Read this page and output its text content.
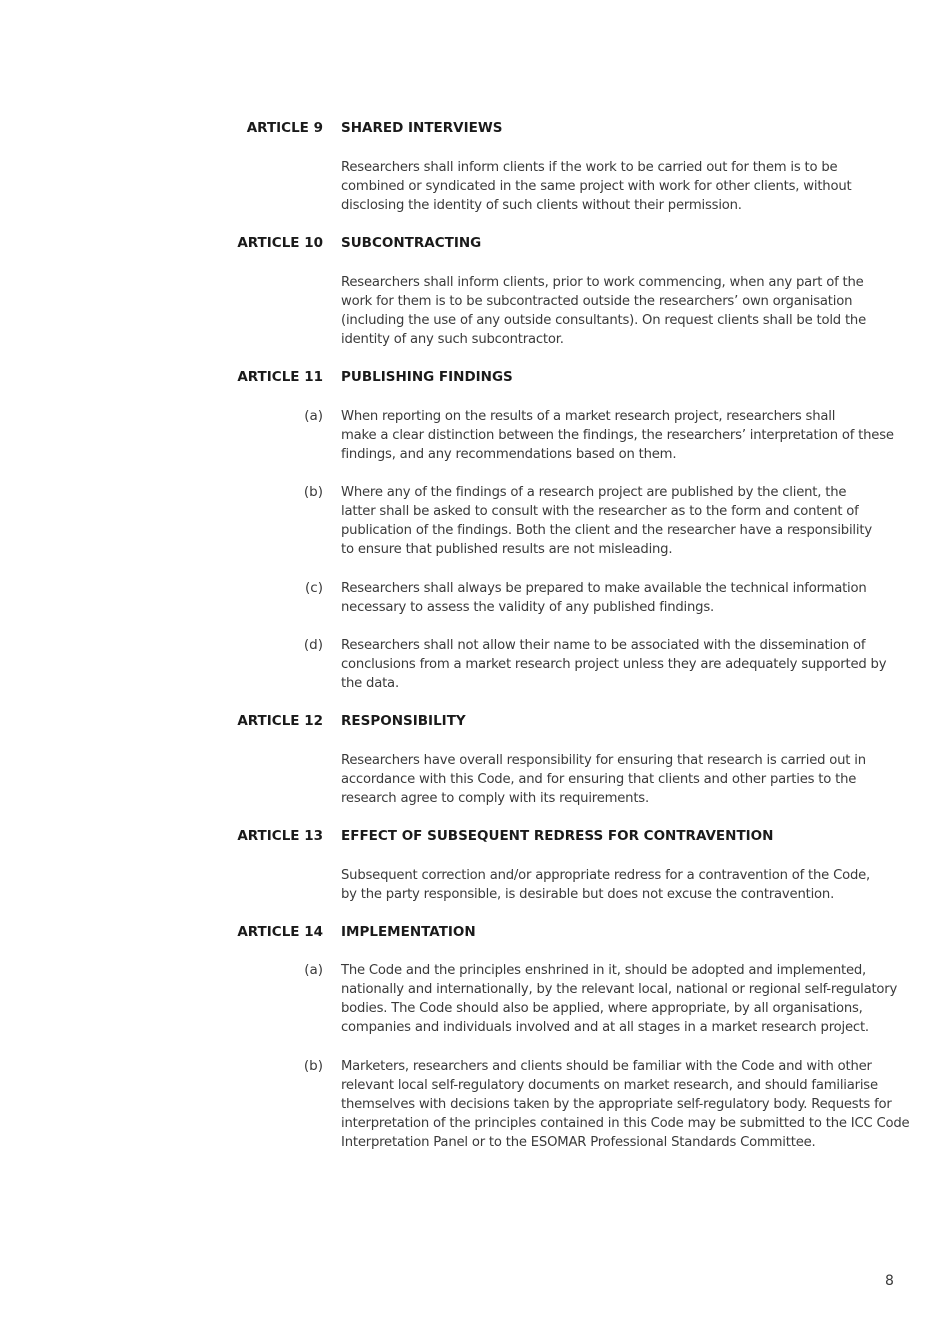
ARTICLE 9 SHARED INTERVIEWS
Researchers shall inform clients if the work to be carried out for them is to be
combined or syndicated in the same project with work for other clients, without
disclosing the identity of such clients without their permission.
ARTICLE 10 SUBCONTRACTING
Researchers shall inform clients, prior to work commencing, when any part of the
work for them is to be subcontracted outside the researchers’ own organisation
(including the use of any outside consultants). On request clients shall be told the
identity of any such subcontractor.
ARTICLE 11 PUBLISHING FINDINGS
(a) When reporting on the results of a market research project, researchers shall
make a clear distinction between the findings, the researchers’ interpretation of these
findings, and any recommendations based on them.
(b) Where any of the findings of a research project are published by the client, the
latter shall be asked to consult with the researcher as to the form and content of
publication of the findings. Both the client and the researcher have a responsibility
to ensure that published results are not misleading.
(c) Researchers shall always be prepared to make available the technical information
necessary to assess the validity of any published findings.
(d) Researchers shall not allow their name to be associated with the dissemination of
conclusions from a market research project unless they are adequately supported by
the data.
ARTICLE 12 RESPONSIBILITY
Researchers have overall responsibility for ensuring that research is carried out in
accordance with this Code, and for ensuring that clients and other parties to the
research agree to comply with its requirements.
ARTICLE 13 EFFECT OF SUBSEQUENT REDRESS FOR CONTRAVENTION
Subsequent correction and/or appropriate redress for a contravention of the Code,
by the party responsible, is desirable but does not excuse the contravention.
ARTICLE 14 IMPLEMENTATION
(a) The Code and the principles enshrined in it, should be adopted and implemented,
nationally and internationally, by the relevant local, national or regional self-regulatory
bodies. The Code should also be applied, where appropriate, by all organisations,
companies and individuals involved and at all stages in a market research project.
(b) Marketers, researchers and clients should be familiar with the Code and with other
relevant local self-regulatory documents on market research, and should familiarise
themselves with decisions taken by the appropriate self-regulatory body. Requests for
interpretation of the principles contained in this Code may be submitted to the ICC Code
Interpretation Panel or to the ESOMAR Professional Standards Committee.
8
